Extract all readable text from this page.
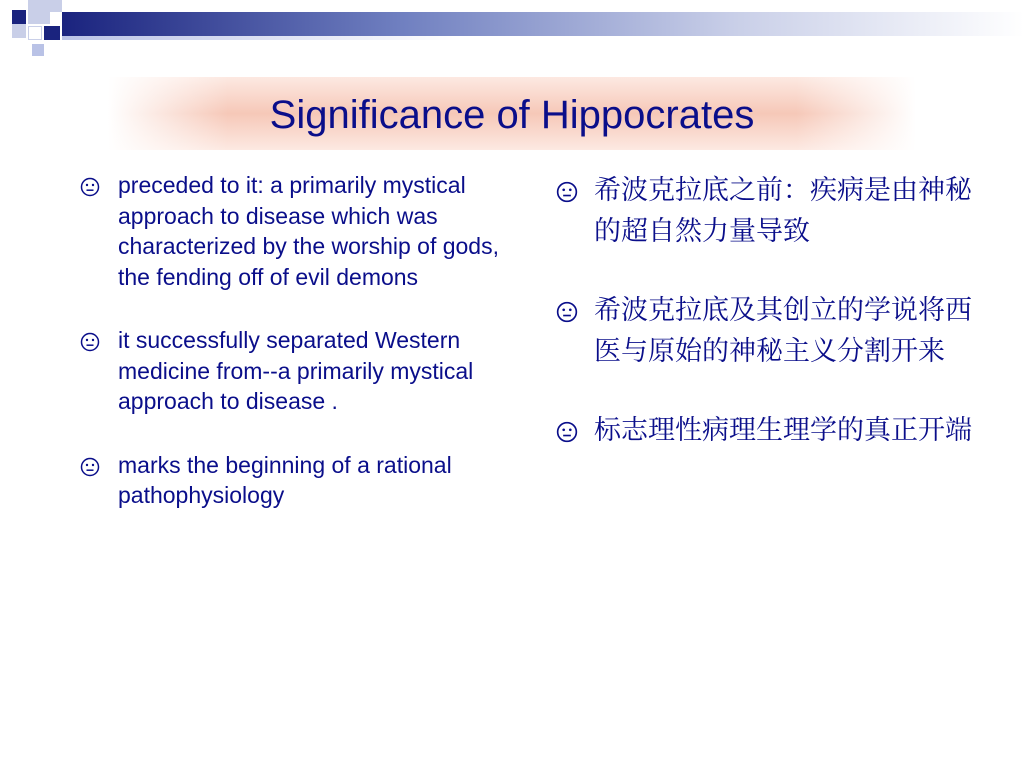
Significance of Hippocrates
preceded to it: a primarily mystical approach to disease which was characterized by the worship of gods, the fending off of evil demons
it successfully separated Western medicine from--a primarily mystical approach to disease .
marks the beginning of a rational pathophysiology
希波克拉底之前：疾病是由神秘的超自然力量导致
希波克拉底及其创立的学说将西医与原始的神秘主义分割开来
标志理性病理生理学的真正开端
